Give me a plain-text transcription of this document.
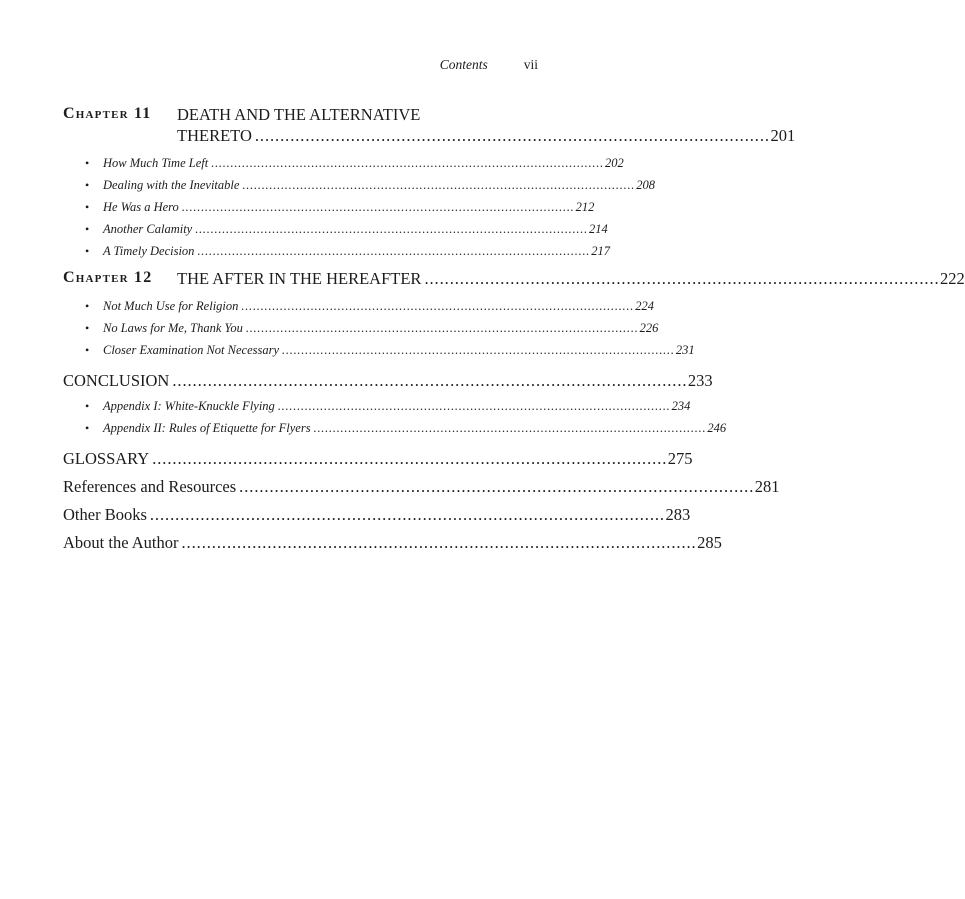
Contents	vii
Chapter 11	DEATH AND THE ALTERNATIVE
THERETO . . .	201
• How Much Time Left . . .	202
• Dealing with the Inevitable . . .	208
• He Was a Hero . . .	212
• Another Calamity . . .	214
• A Timely Decision . . .	217
Chapter 12	THE AFTER IN THE HEREAFTER . . .	222
• Not Much Use for Religion . . .	224
• No Laws for Me, Thank You . . .	226
• Closer Examination Not Necessary . . .	231
CONCLUSION . . .	233
• Appendix I: White-Knuckle Flying . . .	234
• Appendix II: Rules of Etiquette for Flyers . . .	246
GLOSSARY . . .	275
References and Resources . . .	281
Other Books . . .	283
About the Author . . .	285
